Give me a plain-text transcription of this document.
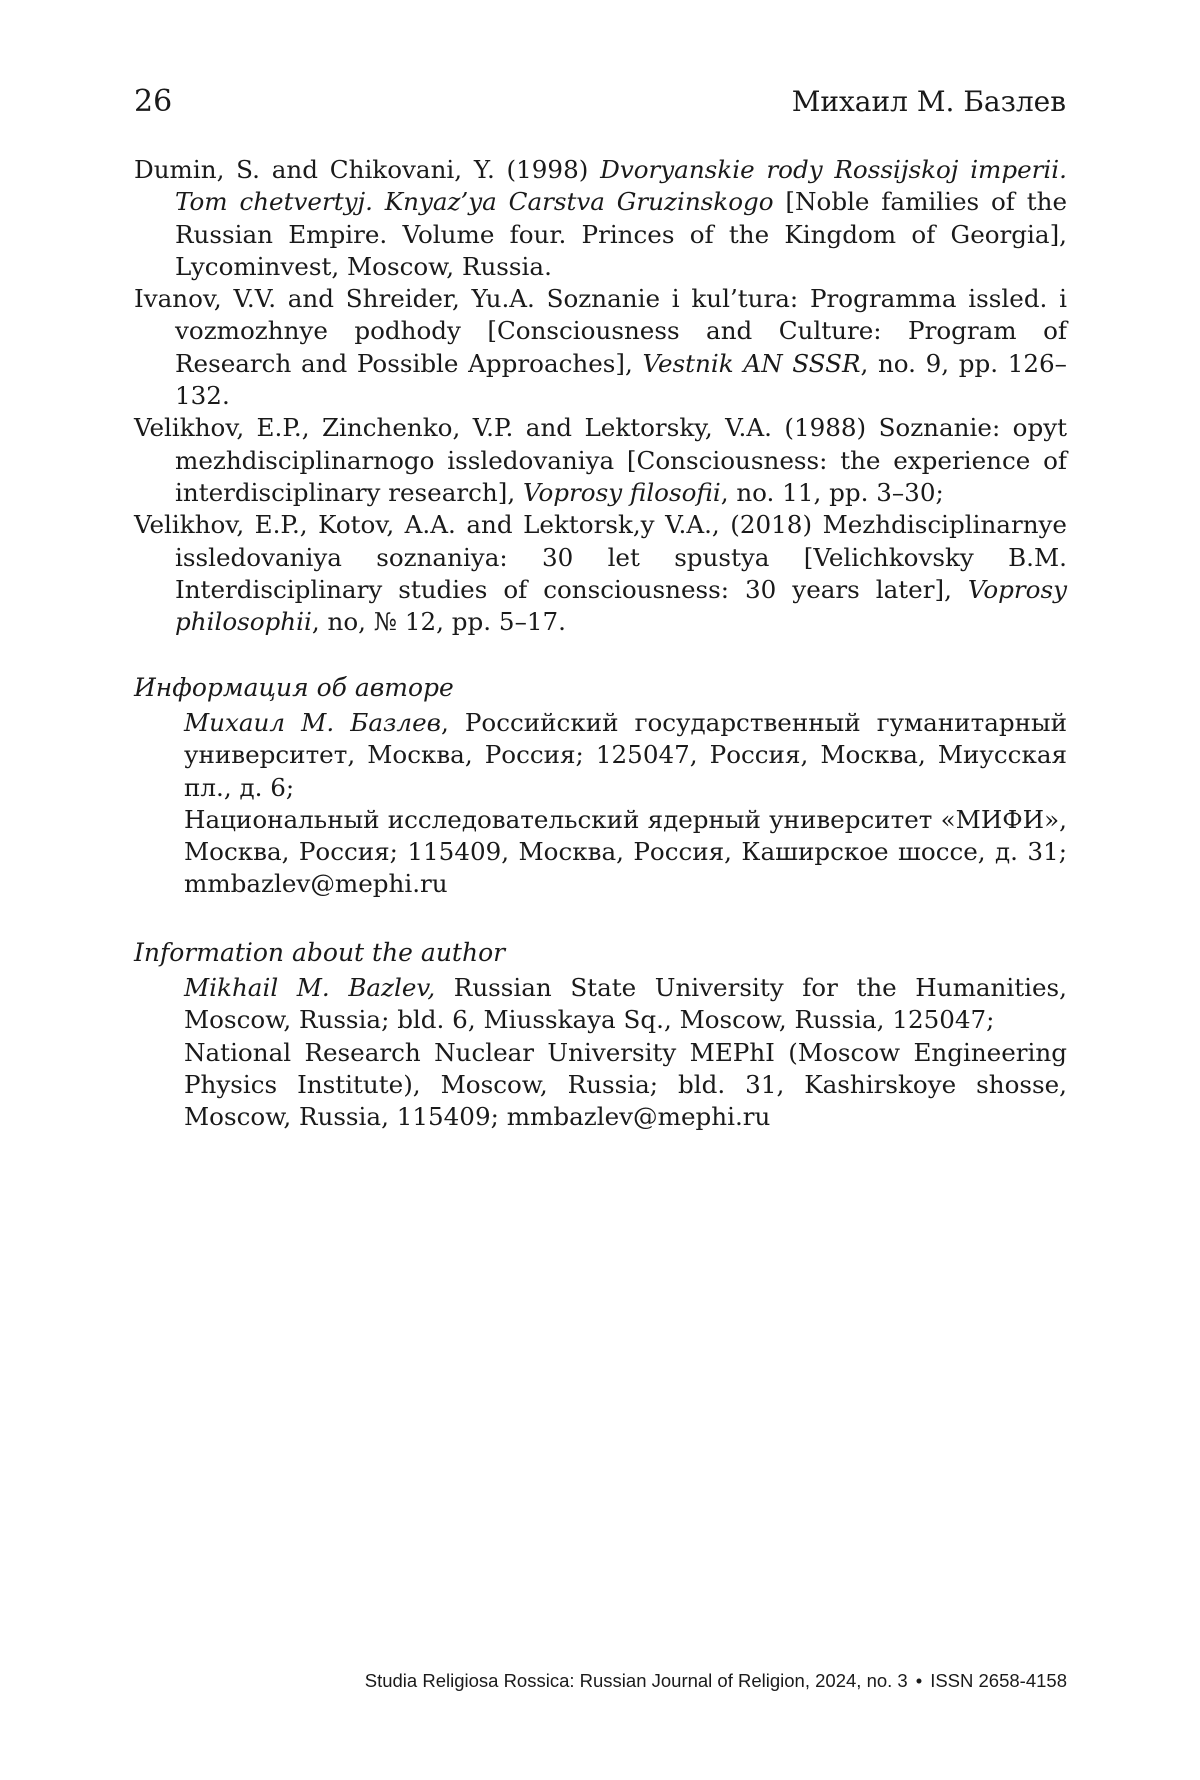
26	Михаил М. Базлев

Dumin, S. and Chikovani, Y. (1998) Dvoryanskie rody Rossijskoj imperii. Tom chetvertyj. Knyaz’ya Carstva Gruzinskogo [Noble families of the Russian Empire. Volume four. Princes of the Kingdom of Georgia], Lycominvest, Moscow, Russia.

Ivanov, V.V. and Shreider, Yu.A. Soznanie i kul’tura: Programma issled. i vozmozhnye podhody [Consciousness and Culture: Program of Research and Possible Approaches], Vestnik AN SSSR, no. 9, pp. 126–132.

Velikhov, E.P., Zinchenko, V.P. and Lektorsky, V.A. (1988) Soznanie: opyt mezhdisciplinarnogo issledovaniya [Consciousness: the experience of interdisciplinary research], Voprosy filosofii, no. 11, pp. 3–30;

Velikhov, E.P., Kotov, A.A. and Lektorsk,y V.A., (2018) Mezhdisciplinarnye issledovaniya soznaniya: 30 let spustya [Velichkovsky B.M. Interdisciplinary studies of consciousness: 30 years later], Voprosy philosophii, no, № 12, pp. 5–17.

Информация об авторе

Михаил М. Базлев, Российский государственный гуманитарный университет, Москва, Россия; 125047, Россия, Москва, Миусская пл., д. 6;

Национальный исследовательский ядерный университет «МИФИ», Москва, Россия; 115409, Москва, Россия, Каширское шоссе, д. 31; mmbazlev@mephi.ru

Information about the author

Mikhail M. Bazlev, Russian State University for the Humanities, Moscow, Russia; bld. 6, Miusskaya Sq., Moscow, Russia, 125047;

National Research Nuclear University MEPhI (Moscow Engineering Physics Institute), Moscow, Russia; bld. 31, Kashirskoye shosse, Moscow, Russia, 115409; mmbazlev@mephi.ru

Studia Religiosa Rossica: Russian Journal of Religion, 2024, no. 3 • ISSN 2658-4158
